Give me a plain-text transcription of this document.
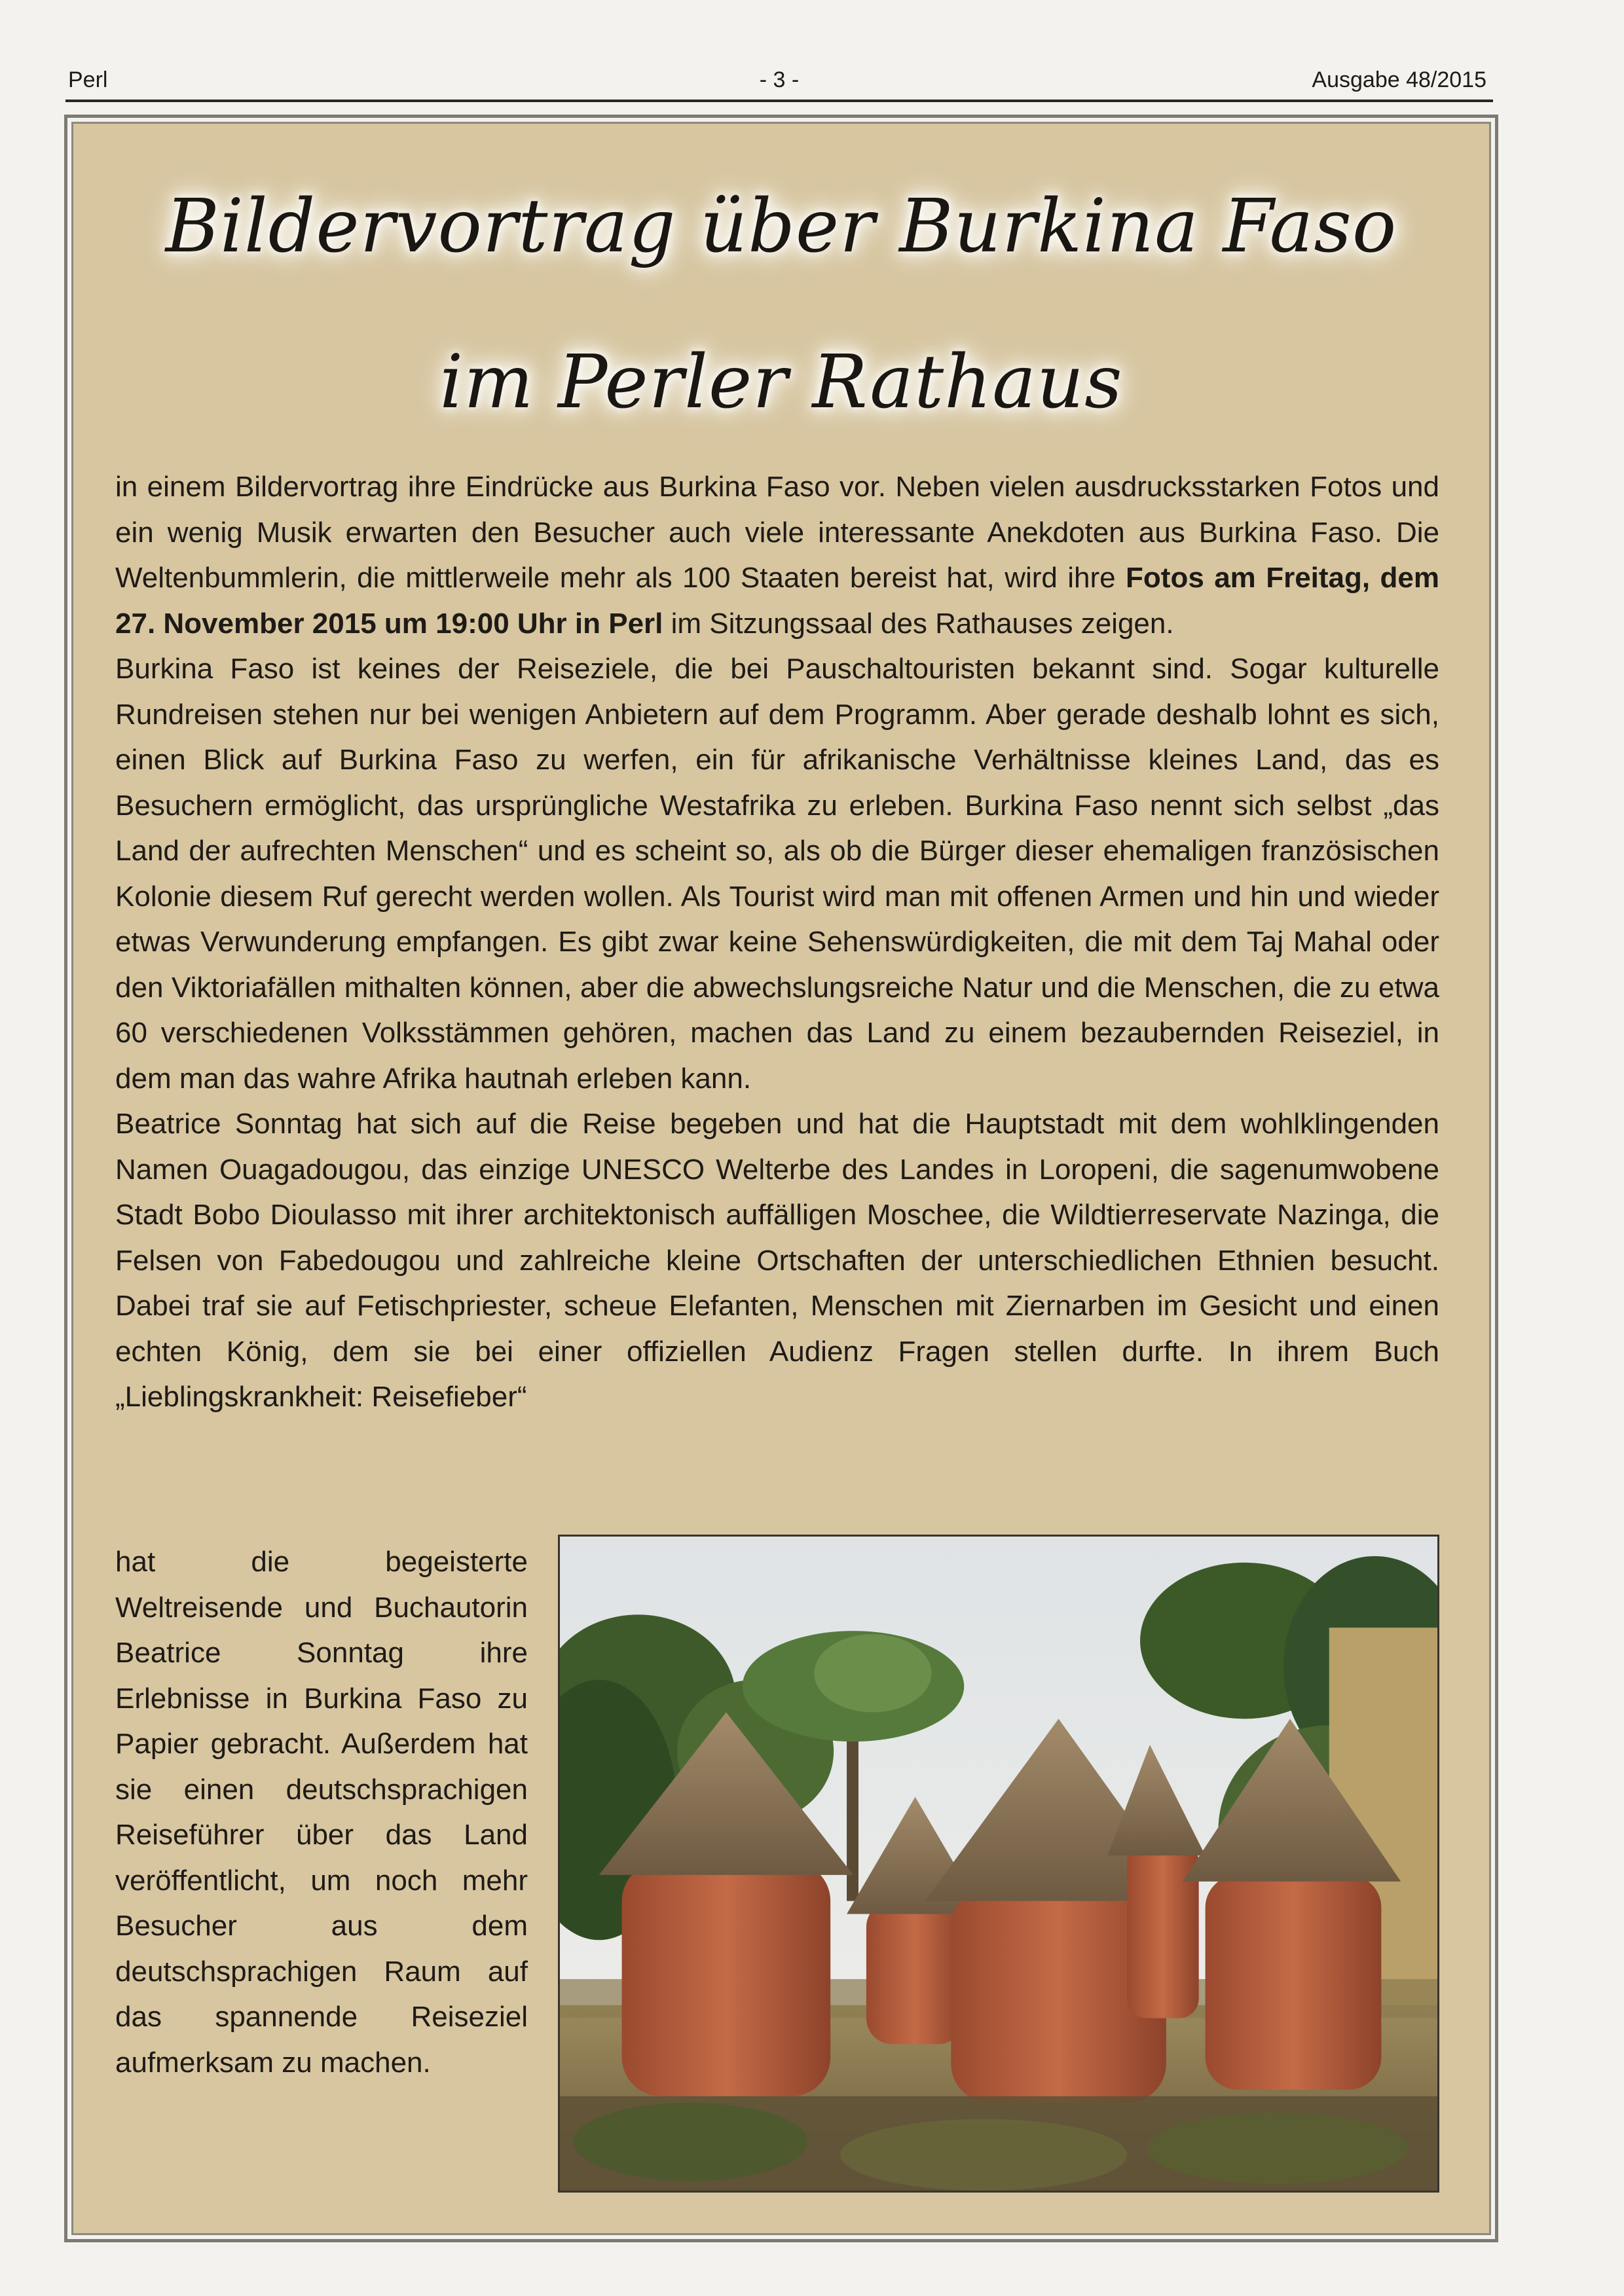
Perl	- 3 -	Ausgabe 48/2015
Bildervortrag über Burkina Faso
im Perler Rathaus

in einem Bildervortrag ihre Eindrücke aus Burkina Faso vor. Neben vielen ausdrucksstarken Fotos und ein wenig Musik erwarten den Besucher auch viele interessante Anekdoten aus Burkina Faso. Die Weltenbummlerin, die mittlerweile mehr als 100 Staaten bereist hat, wird ihre Fotos am Freitag, dem 27. November 2015 um 19:00 Uhr in Perl im Sitzungssaal des Rathauses zeigen.

Burkina Faso ist keines der Reiseziele, die bei Pauschaltouristen bekannt sind. Sogar kulturelle Rundreisen stehen nur bei wenigen Anbietern auf dem Programm. Aber gerade deshalb lohnt es sich, einen Blick auf Burkina Faso zu werfen, ein für afrikanische Verhältnisse kleines Land, das es Besuchern ermöglicht, das ursprüngliche Westafrika zu erleben. Burkina Faso nennt sich selbst „das Land der aufrechten Menschen“ und es scheint so, als ob die Bürger dieser ehemaligen französischen Kolonie diesem Ruf gerecht werden wollen. Als Tourist wird man mit offenen Armen und hin und wieder etwas Verwunderung empfangen. Es gibt zwar keine Sehenswürdigkeiten, die mit dem Taj Mahal oder den Viktoriafällen mithalten können, aber die abwechslungsreiche Natur und die Menschen, die zu etwa 60 verschiedenen Volksstämmen gehören, machen das Land zu einem bezaubernden Reiseziel, in dem man das wahre Afrika hautnah erleben kann.

Beatrice Sonntag hat sich auf die Reise begeben und hat die Hauptstadt mit dem wohlklingenden Namen Ouagadougou, das einzige UNESCO Welterbe des Landes in Loropeni, die sagenumwobene Stadt Bobo Dioulasso mit ihrer architektonisch auffälligen Moschee, die Wildtierreservate Nazinga, die Felsen von Fabedougou und zahlreiche kleine Ortschaften der unterschiedlichen Ethnien besucht. Dabei traf sie auf Fetischpriester, scheue Elefanten, Menschen mit Ziernarben im Gesicht und einen echten König, dem sie bei einer offiziellen Audienz Fragen stellen durfte. In ihrem Buch „Lieblingskrankheit: Reisefieber“

hat die begeisterte Weltreisende und Buchautorin Beatrice Sonntag ihre Erlebnisse in Burkina Faso zu Papier gebracht. Außerdem hat sie einen deutschsprachigen Reiseführer über das Land veröffentlicht, um noch mehr Besucher aus dem deutschsprachigen Raum auf das spannende Reiseziel aufmerksam zu machen.
